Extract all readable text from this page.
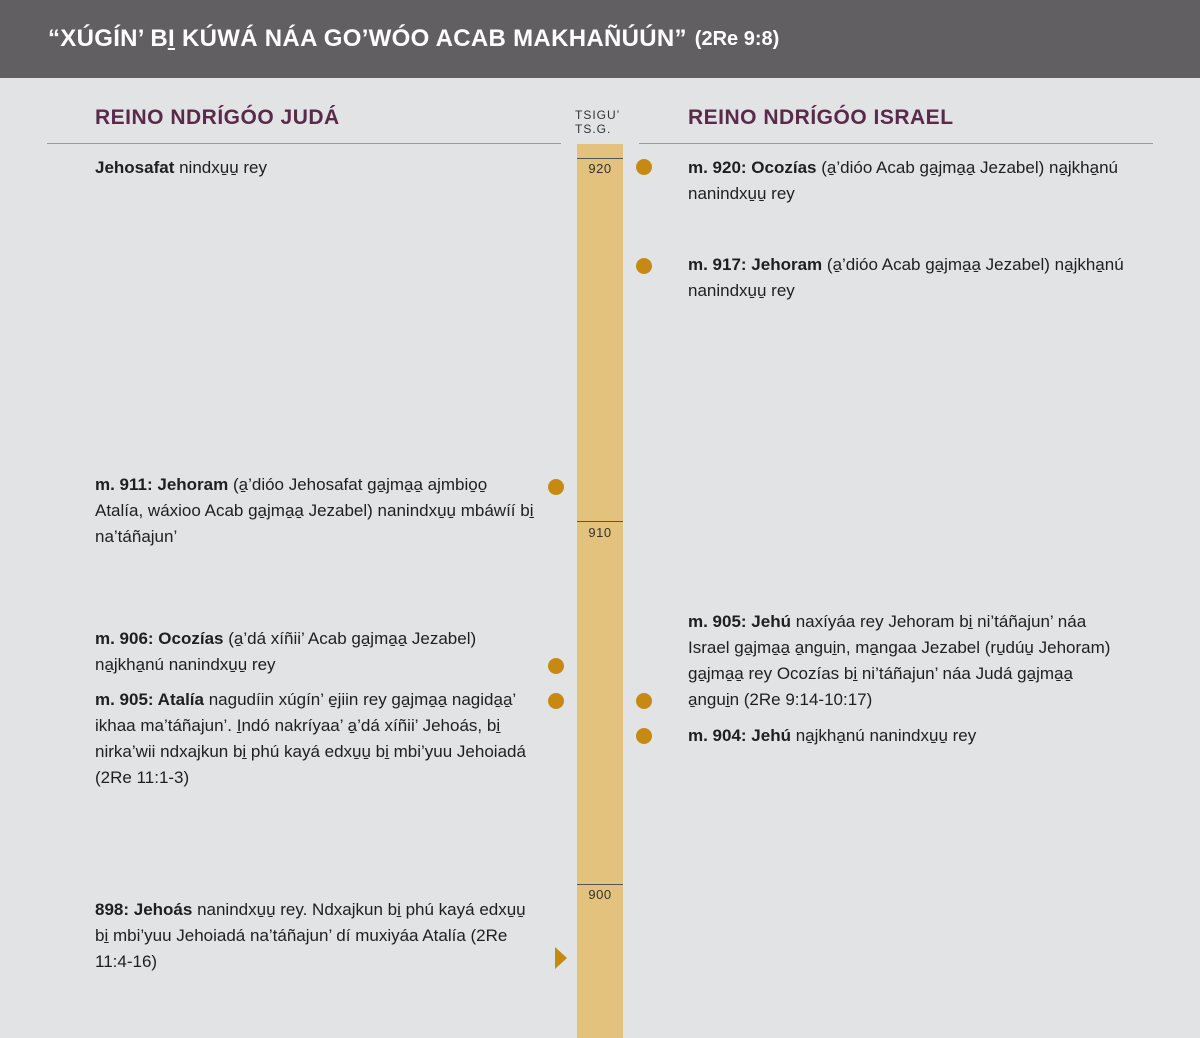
“XÚGÍN’ BI̱ KÚWÁ NÁA GO’WÓO ACAB MAKHAÑÚÚN” (2Re 9:8)
REINO NDRÍGÓO JUDÁ	REINO NDRÍGÓO ISRAEL
TSIGU’
TS.G.
920
910
900
Jehosafat nindxu̱u̱ rey
m. 911: Jehoram (a̱’dióo Jehosafat ga̱jma̱a̱ ajmbio̱o̱ Atalía, wáxioo Acab ga̱jma̱a̱ Jezabel) nanindxu̱u̱ mbáwíí bi̱ na’táñajun’
m. 906: Ocozías (a̱’dá xíñii’ Acab ga̱jma̱a̱ Jezabel) na̱jkha̱nú nanindxu̱u̱ rey
m. 905: Atalía nagudíin xúgín’ e̱jiin rey ga̱jma̱a̱ nagida̱a̱’ ikhaa ma’táñajun’. I̱ndó nakríyaa’ a̱’dá xíñii’ Jehoás, bi̱ nirka’wii ndxajkun bi̱ phú kayá edxu̱u̱ bi̱ mbi’yuu Jehoiadá (2Re 11:1-3)
898: Jehoás nanindxu̱u̱ rey. Ndxajkun bi̱ phú kayá edxu̱u̱ bi̱ mbi’yuu Jehoiadá na’táñajun’ dí muxiyáa Atalía (2Re 11:4-16)
m. 920: Ocozías (a̱’dióo Acab ga̱jma̱a̱ Jezabel) na̱jkha̱nú nanindxu̱u̱ rey
m. 917: Jehoram (a̱’dióo Acab ga̱jma̱a̱ Jezabel) na̱jkha̱nú nanindxu̱u̱ rey
m. 905: Jehú naxíyáa rey Jehoram bi̱ ni’táñajun’ náa Israel ga̱jma̱a̱ a̱ngui̱n, ma̱ngaa Jezabel (ru̱dúu̱ Jehoram) ga̱jma̱a̱ rey Ocozías bi̱ ni’táñajun’ náa Judá ga̱jma̱a̱ a̱ngui̱n (2Re 9:14-10:17)
m. 904: Jehú na̱jkha̱nú nanindxu̱u̱ rey
